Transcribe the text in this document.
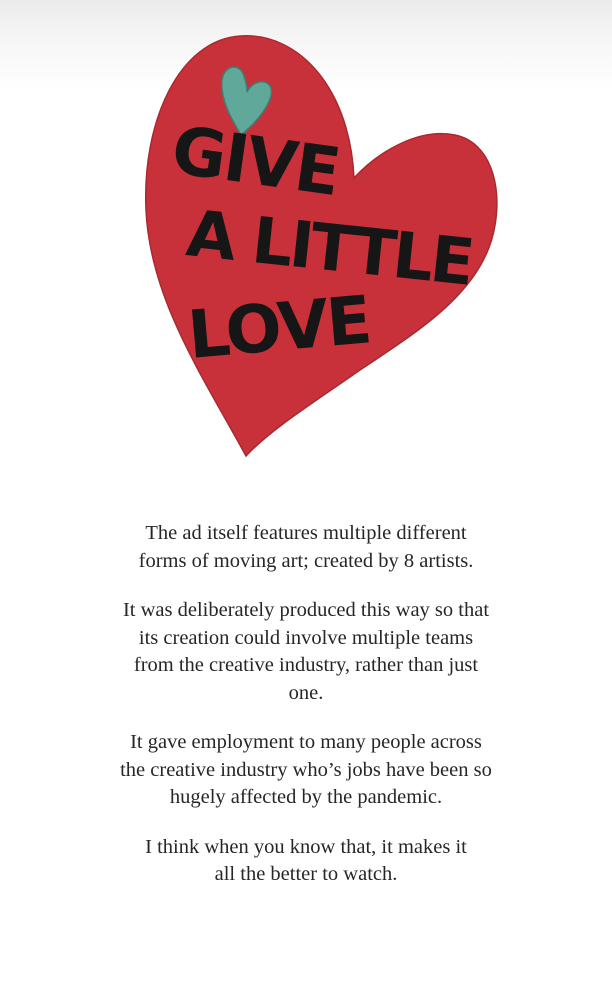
GIVE
A LITTLE
LOVE

The ad itself features multiple different
forms of moving art; created by 8 artists.

It was deliberately produced this way so that
its creation could involve multiple teams
from the creative industry, rather than just
one.

It gave employment to many people across
the creative industry who’s jobs have been so
hugely affected by the pandemic.

I think when you know that, it makes it
all the better to watch.
